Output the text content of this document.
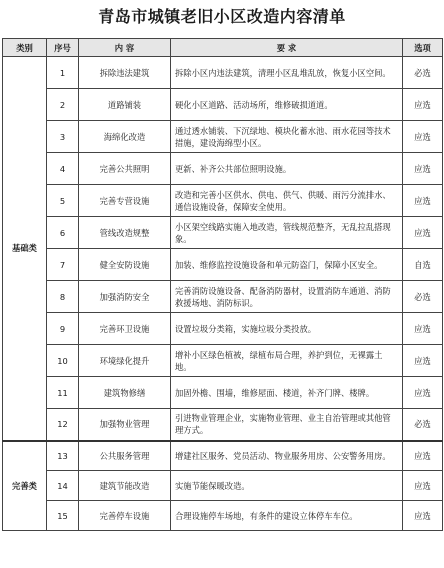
青岛市城镇老旧小区改造内容清单
类别	序号	内 容	要 求	选项
基础类	1	拆除违法建筑	拆除小区内违法建筑，清理小区乱堆乱放，恢复小区空间。	必选
	2	道路铺装	硬化小区道路、活动场所，维修破损道道。	应选
	3	海绵化改造	通过透水铺装、下沉绿地、模块化蓄水池、雨水花园等技术措施，建设海绵型小区。	应选
	4	完善公共照明	更新、补齐公共部位照明设施。	应选
	5	完善专营设施	改造和完善小区供水、供电、供气、供暖、雨污分流排水、通信设施设备，保障安全使用。	应选
	6	管线改造规整	小区架空线路实施入地改造，管线规范整齐，无乱拉乱搭现象。	应选
	7	健全安防设施	加装、维修监控设施设备和单元防盗门，保障小区安全。	自选
	8	加强消防安全	完善消防设施设备、配备消防器材，设置消防车通道、消防救援场地、消防标识。	必选
	9	完善环卫设施	设置垃圾分类箱，实施垃圾分类投放。	应选
	10	环境绿化提升	增补小区绿色植被，绿植布局合理，养护到位，无裸露土地。	应选
	11	建筑物修缮	加固外檐、围墙，维修屋面、楼道，补齐门牌、楼牌。	应选
	12	加强物业管理	引进物业管理企业，实施物业管理、业主自治管理或其他管理方式。	必选
完善类	13	公共服务管理	增建社区服务、党员活动、物业服务用房、公安警务用房。	应选
	14	建筑节能改造	实施节能保暖改造。	应选
	15	完善停车设施	合理设施停车场地，有条件的建设立体停车车位。	应选
